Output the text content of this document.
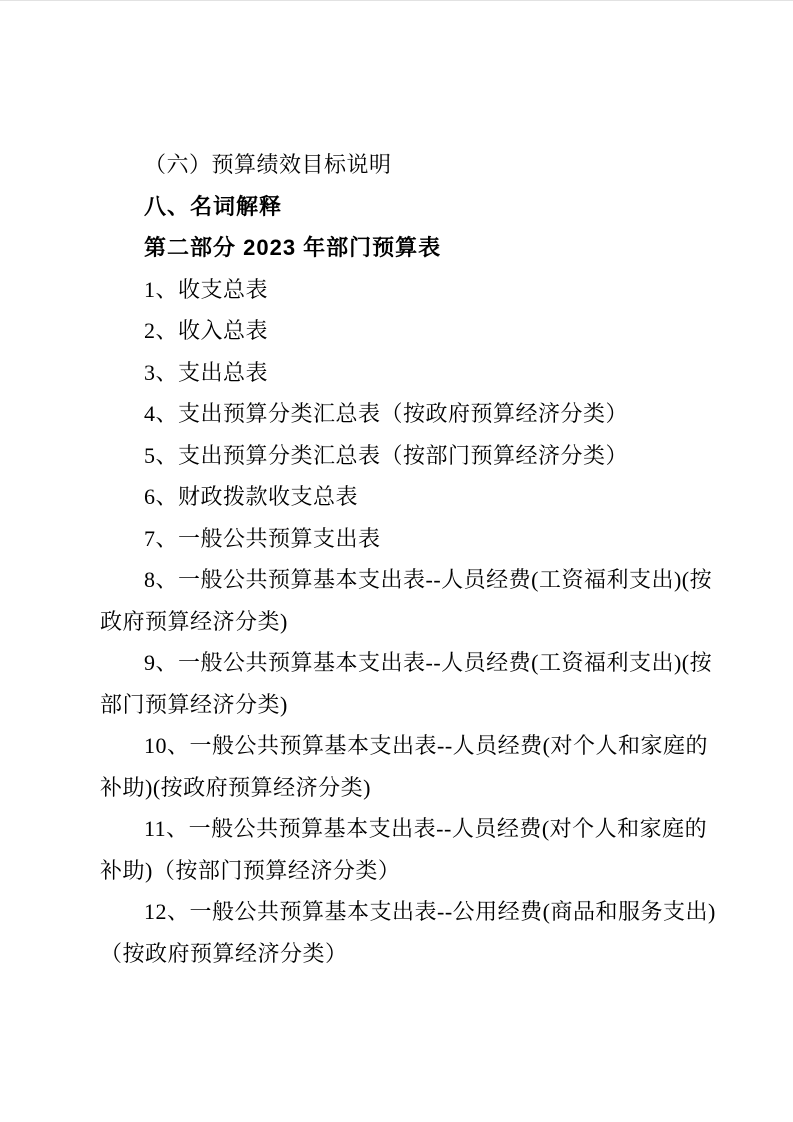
（六）预算绩效目标说明

八、名词解释

第二部分 2023 年部门预算表

1、收支总表

2、收入总表

3、支出总表

4、支出预算分类汇总表（按政府预算经济分类）

5、支出预算分类汇总表（按部门预算经济分类）

6、财政拨款收支总表

7、一般公共预算支出表

8、一般公共预算基本支出表--人员经费(工资福利支出)(按
政府预算经济分类)

9、一般公共预算基本支出表--人员经费(工资福利支出)(按
部门预算经济分类)

10、一般公共预算基本支出表--人员经费(对个人和家庭的
补助)(按政府预算经济分类)

11、一般公共预算基本支出表--人员经费(对个人和家庭的
补助)（按部门预算经济分类）

12、一般公共预算基本支出表--公用经费(商品和服务支出)
（按政府预算经济分类）
